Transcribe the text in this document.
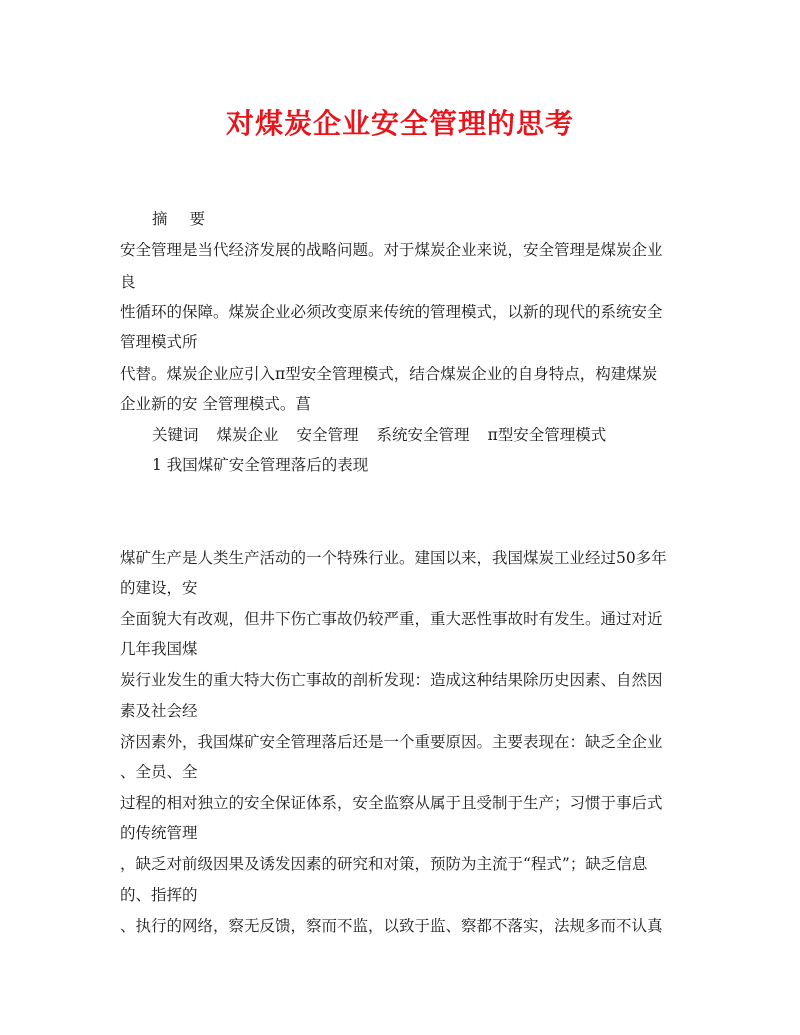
对煤炭企业安全管理的思考
摘 要
安全管理是当代经济发展的战略问题。对于煤炭企业来说，安全管理是煤炭企业
良
性循环的保障。煤炭企业必须改变原来传统的管理模式，以新的现代的系统安全
管理模式所
代替。煤炭企业应引入π型安全管理模式，结合煤炭企业的自身特点，构建煤炭
企业新的安 全管理模式。菖
关键词 煤炭企业 安全管理 系统安全管理 π型安全管理模式
1 我国煤矿安全管理落后的表现
煤矿生产是人类生产活动的一个特殊行业。建国以来，我国煤炭工业经过50多年
的建设，安
全面貌大有改观，但井下伤亡事故仍较严重，重大恶性事故时有发生。通过对近
几年我国煤
炭行业发生的重大特大伤亡事故的剖析发现：造成这种结果除历史因素、自然因
素及社会经
济因素外，我国煤矿安全管理落后还是一个重要原因。主要表现在：缺乏全企业
、全员、全
过程的相对独立的安全保证体系，安全监察从属于且受制于生产；习惯于事后式
的传统管理
，缺乏对前级因果及诱发因素的研究和对策，预防为主流于“程式”；缺乏信息
的、指挥的
、执行的网络，察无反馈，察而不监，以致于监、察都不落实，法规多而不认真
